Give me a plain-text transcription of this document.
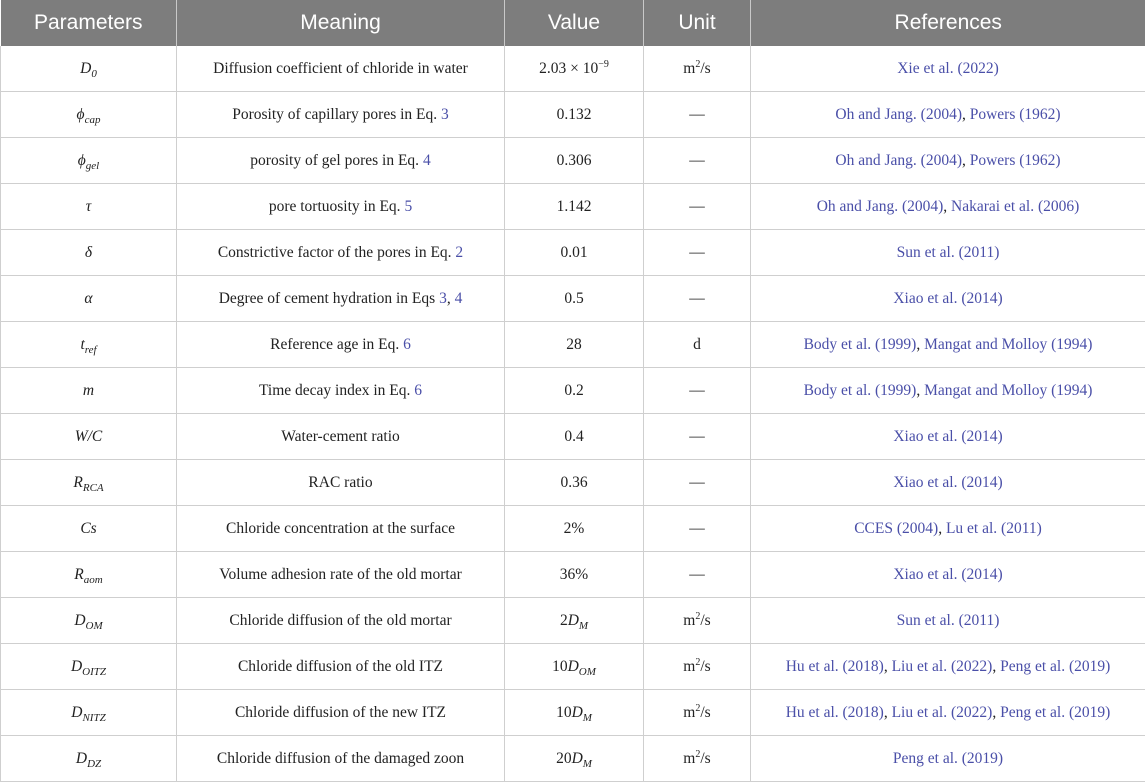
Parameters	Meaning	Value	Unit	References
$D_0$	Diffusion coefficient of chloride in water	$2.03 \times 10^{-9}$	$m^2/s$	Xie et al. (2022)
$\phi_{cap}$	Porosity of capillary pores in Eq. 3	0.132	—	Oh and Jang. (2004), Powers (1962)
$\phi_{gel}$	porosity of gel pores in Eq. 4	0.306	—	Oh and Jang. (2004), Powers (1962)
τ	pore tortuosity in Eq. 5	1.142	—	Oh and Jang. (2004), Nakarai et al. (2006)
δ	Constrictive factor of the pores in Eq. 2	0.01	—	Sun et al. (2011)
α	Degree of cement hydration in Eqs 3, 4	0.5	—	Xiao et al. (2014)
$t_{ref}$	Reference age in Eq. 6	28	d	Body et al. (1999), Mangat and Molloy (1994)
m	Time decay index in Eq. 6	0.2	—	Body et al. (1999), Mangat and Molloy (1994)
W/C	Water-cement ratio	0.4	—	Xiao et al. (2014)
$R_{RCA}$	RAC ratio	0.36	—	Xiao et al. (2014)
Cs	Chloride concentration at the surface	2%	—	CCES (2004), Lu et al. (2011)
$R_{aom}$	Volume adhesion rate of the old mortar	36%	—	Xiao et al. (2014)
$D_{OM}$	Chloride diffusion of the old mortar	$2D_M$	$m^2/s$	Sun et al. (2011)
$D_{OITZ}$	Chloride diffusion of the old ITZ	$10D_{OM}$	$m^2/s$	Hu et al. (2018), Liu et al. (2022), Peng et al. (2019)
$D_{NITZ}$	Chloride diffusion of the new ITZ	$10D_M$	$m^2/s$	Hu et al. (2018), Liu et al. (2022), Peng et al. (2019)
$D_{DZ}$	Chloride diffusion of the damaged zoon	$20D_M$	$m^2/s$	Peng et al. (2019)
